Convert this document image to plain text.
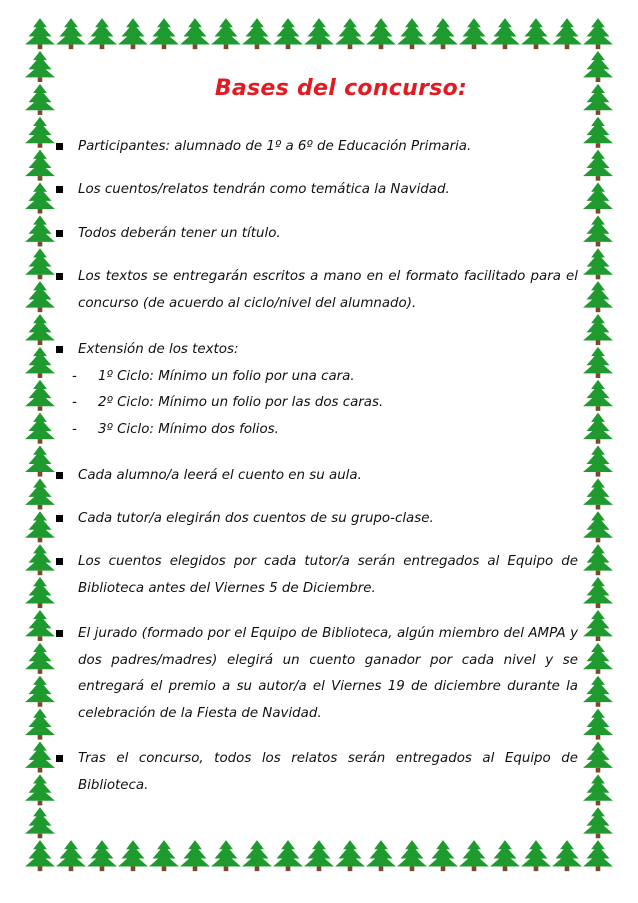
Bases del concurso:
Participantes: alumnado de 1º a 6º de Educación Primaria.
Los cuentos/relatos tendrán como temática la Navidad.
Todos deberán tener un título.
Los textos se entregarán escritos a mano en el formato facilitado para el concurso (de acuerdo al ciclo/nivel del alumnado).
Extensión de los textos:
- 1º Ciclo: Mínimo un folio por una cara.
- 2º Ciclo: Mínimo un folio por las dos caras.
- 3º Ciclo: Mínimo dos folios.
Cada alumno/a leerá el cuento en su aula.
Cada tutor/a elegirán dos cuentos de su grupo-clase.
Los cuentos elegidos por cada tutor/a serán entregados al Equipo de Biblioteca antes del Viernes 5 de Diciembre.
El jurado (formado por el Equipo de Biblioteca, algún miembro del AMPA y dos padres/madres) elegirá un cuento ganador por cada nivel y se entregará el premio a su autor/a el Viernes 19 de diciembre durante la celebración de la Fiesta de Navidad.
Tras el concurso, todos los relatos serán entregados al Equipo de Biblioteca.
